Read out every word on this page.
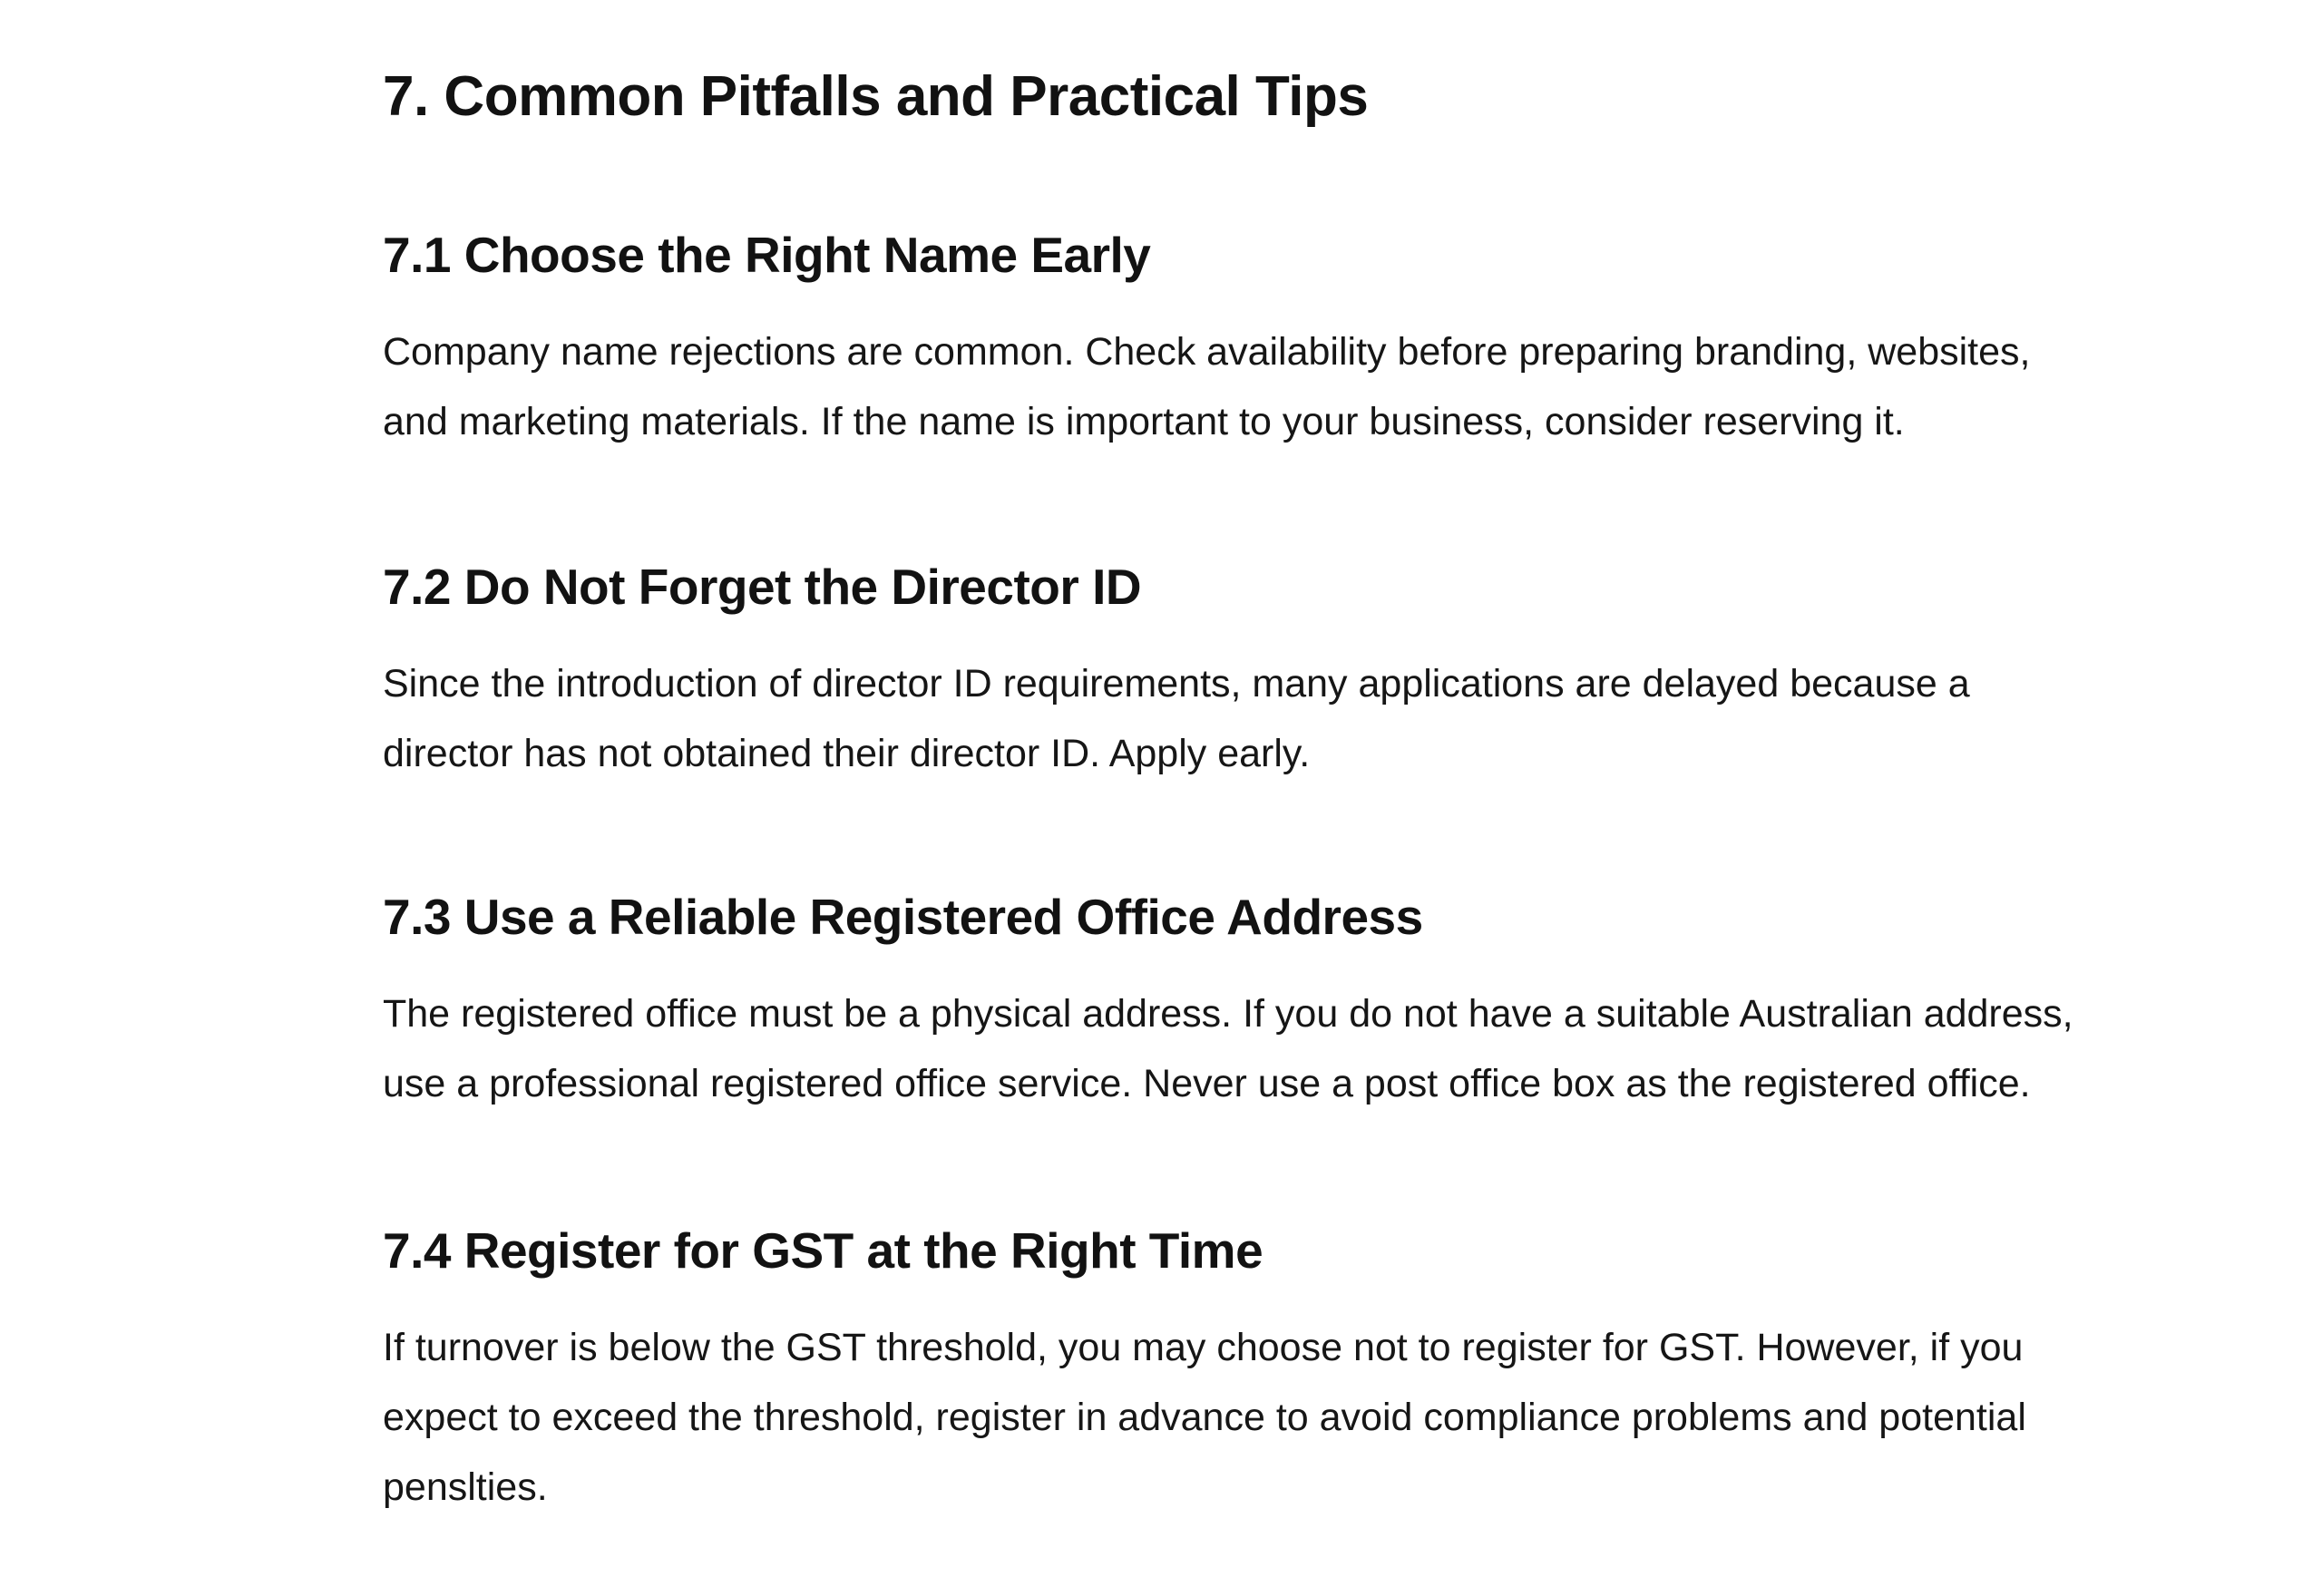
7. Common Pitfalls and Practical Tips
7.1 Choose the Right Name Early

Company name rejections are common. Check availability before preparing branding, websites,
and marketing materials. If the name is important to your business, consider reserving it.

7.2 Do Not Forget the Director ID

Since the introduction of director ID requirements, many applications are delayed because a
director has not obtained their director ID. Apply early.

7.3 Use a Reliable Registered Office Address

The registered office must be a physical address. If you do not have a suitable Australian address,
use a professional registered office service. Never use a post office box as the registered office.

7.4 Register for GST at the Right Time

If turnover is below the GST threshold, you may choose not to register for GST. However, if you
expect to exceed the threshold, register in advance to avoid compliance problems and potential
penslties.
